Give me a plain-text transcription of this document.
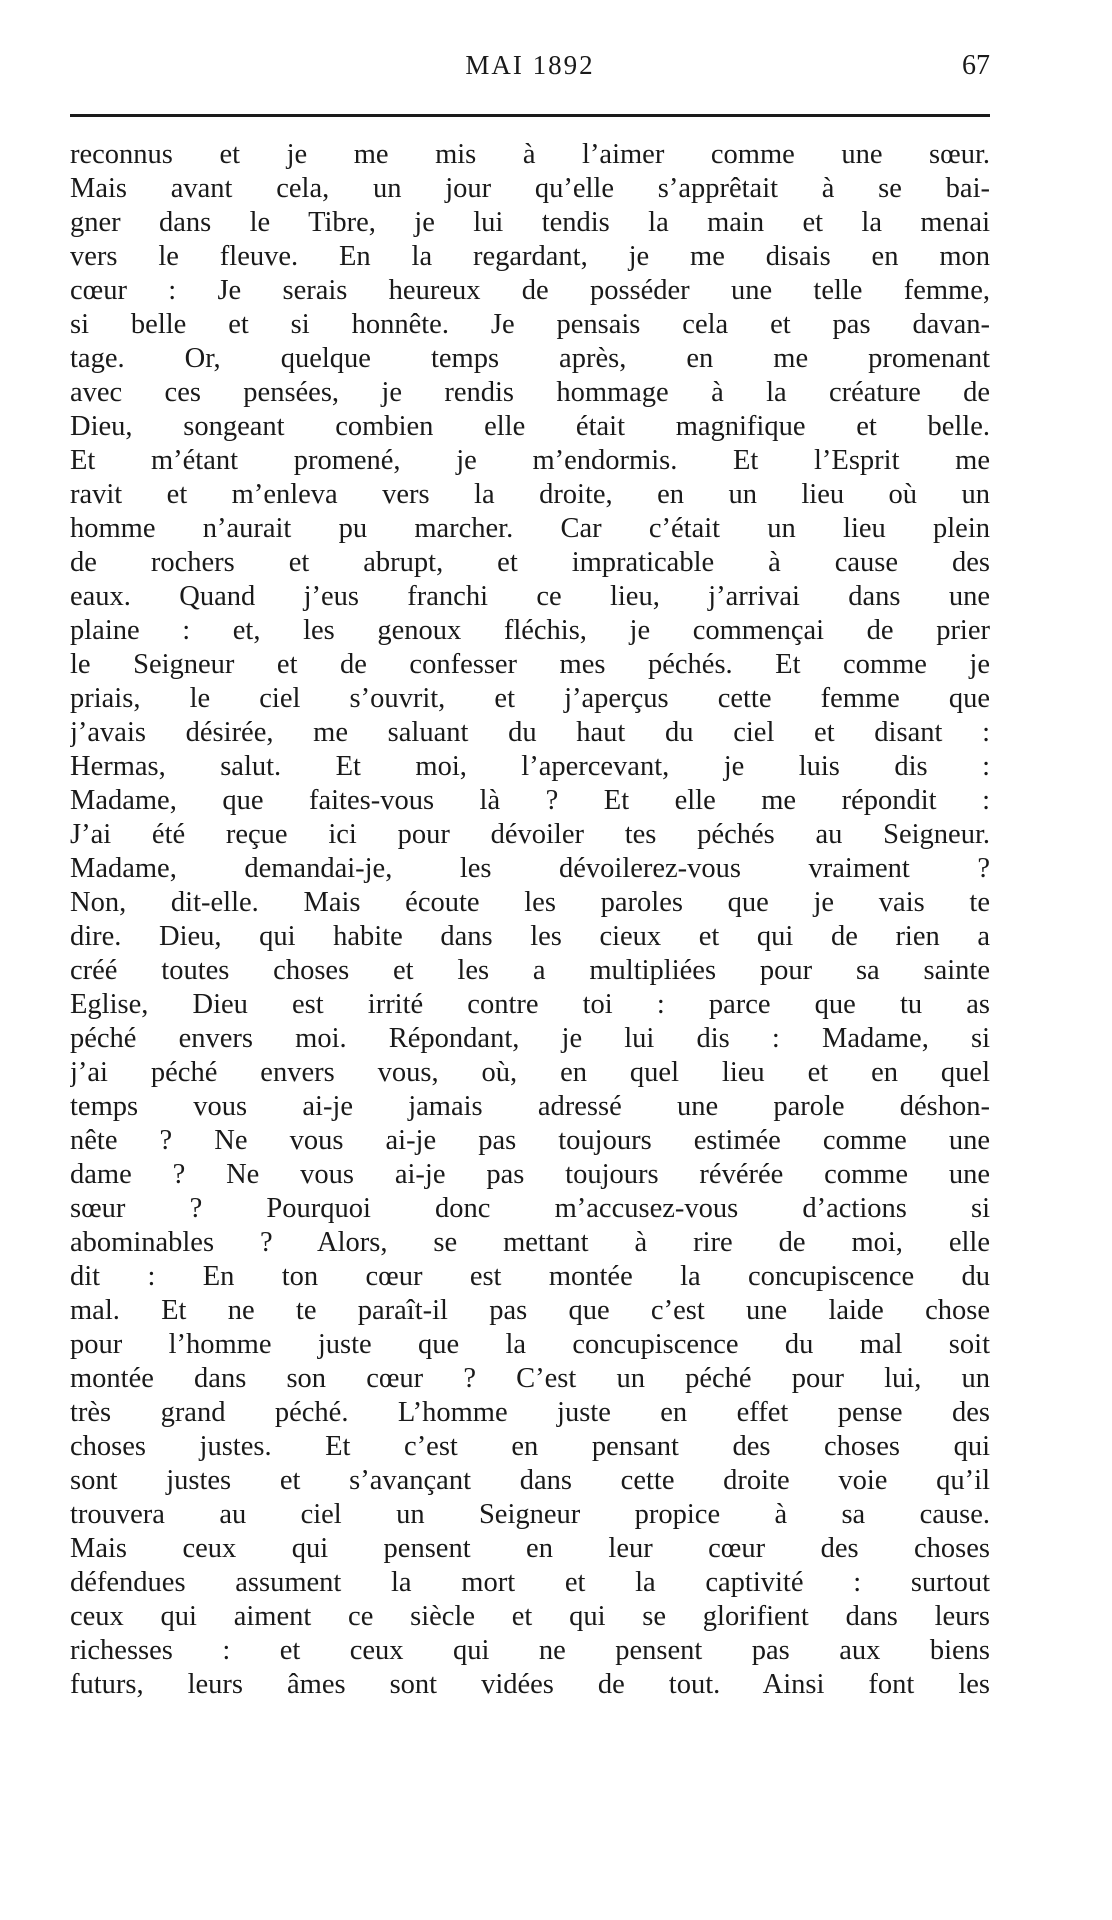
MAI 1892	67
reconnus et je me mis à l’aimer comme une sœur.
Mais avant cela, un jour qu’elle s’apprêtait à se bai-
gner dans le Tibre, je lui tendis la main et la menai
vers le fleuve. En la regardant, je me disais en mon
cœur : Je serais heureux de posséder une telle femme,
si belle et si honnête. Je pensais cela et pas davan-
tage. Or, quelque temps après, en me promenant
avec ces pensées, je rendis hommage à la créature de
Dieu, songeant combien elle était magnifique et belle.
Et m’étant promené, je m’endormis. Et l’Esprit me
ravit et m’enleva vers la droite, en un lieu où un
homme n’aurait pu marcher. Car c’était un lieu plein
de rochers et abrupt, et impraticable à cause des
eaux. Quand j’eus franchi ce lieu, j’arrivai dans une
plaine : et, les genoux fléchis, je commençai de prier
le Seigneur et de confesser mes péchés. Et comme je
priais, le ciel s’ouvrit, et j’aperçus cette femme que
j’avais désirée, me saluant du haut du ciel et disant :
Hermas, salut. Et moi, l’apercevant, je luis dis :
Madame, que faites-vous là ? Et elle me répondit :
J’ai été reçue ici pour dévoiler tes péchés au Seigneur.
Madame, demandai-je, les dévoilerez-vous vraiment ?
Non, dit-elle. Mais écoute les paroles que je vais te
dire. Dieu, qui habite dans les cieux et qui de rien a
créé toutes choses et les a multipliées pour sa sainte
Eglise, Dieu est irrité contre toi : parce que tu as
péché envers moi. Répondant, je lui dis : Madame, si
j’ai péché envers vous, où, en quel lieu et en quel
temps vous ai-je jamais adressé une parole déshon-
nête ? Ne vous ai-je pas toujours estimée comme une
dame ? Ne vous ai-je pas toujours révérée comme une
sœur ? Pourquoi donc m’accusez-vous d’actions si
abominables ? Alors, se mettant à rire de moi, elle
dit : En ton cœur est montée la concupiscence du
mal. Et ne te paraît-il pas que c’est une laide chose
pour l’homme juste que la concupiscence du mal soit
montée dans son cœur ? C’est un péché pour lui, un
très grand péché. L’homme juste en effet pense des
choses justes. Et c’est en pensant des choses qui
sont justes et s’avançant dans cette droite voie qu’il
trouvera au ciel un Seigneur propice à sa cause.
Mais ceux qui pensent en leur cœur des choses
défendues assument la mort et la captivité : surtout
ceux qui aiment ce siècle et qui se glorifient dans leurs
richesses : et ceux qui ne pensent pas aux biens
futurs, leurs âmes sont vidées de tout. Ainsi font les
